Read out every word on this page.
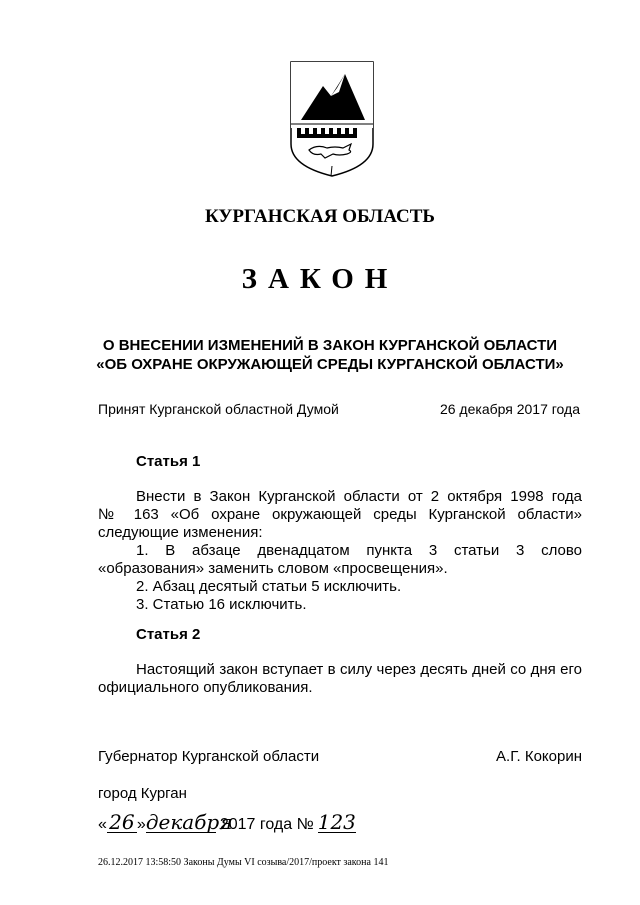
КУРГАНСКАЯ ОБЛАСТЬ
ЗАКОН
О ВНЕСЕНИИ ИЗМЕНЕНИЙ В ЗАКОН КУРГАНСКОЙ ОБЛАСТИ
«ОБ ОХРАНЕ ОКРУЖАЮЩЕЙ СРЕДЫ КУРГАНСКОЙ ОБЛАСТИ»
Принят Курганской областной Думой	26 декабря 2017 года
Статья 1

Внести в Закон Курганской области от 2 октября 1998 года

№ 163 «Об охране окружающей среды Курганской области»

следующие изменения:

1. В абзаце двенадцатом пункта 3 статьи 3 слово

«образования» заменить словом «просвещения».

2. Абзац десятый статьи 5 исключить.

3. Статью 16 исключить.

Статья 2

Настоящий закон вступает в силу через десять дней со дня его

официального опубликования.

Губернатор Курганской области	А.Г. Кокорин
город Курган
« 26 » декабря
2017 года № 123
26.12.2017 13:58:50 Законы Думы VI созыва/2017/проект закона 141
